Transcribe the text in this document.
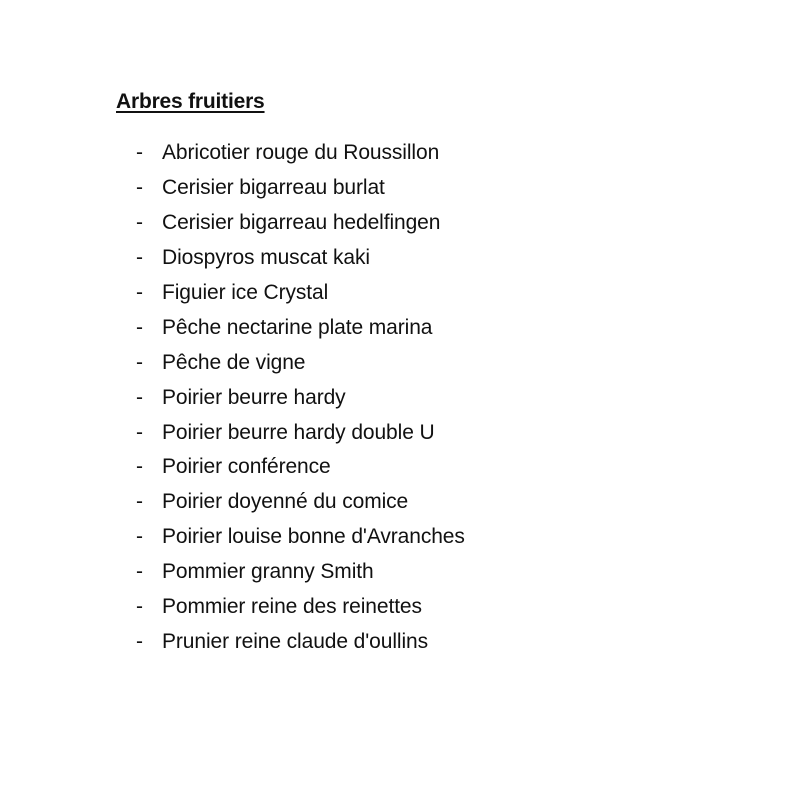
Arbres fruitiers
- Abricotier rouge du Roussillon
- Cerisier bigarreau burlat
- Cerisier bigarreau hedelfingen
- Diospyros muscat kaki
- Figuier ice Crystal
- Pêche nectarine plate marina
- Pêche de vigne
- Poirier beurre hardy
- Poirier beurre hardy double U
- Poirier conférence
- Poirier doyenné du comice
- Poirier louise bonne d'Avranches
- Pommier granny Smith
- Pommier reine des reinettes
- Prunier reine claude d'oullins
